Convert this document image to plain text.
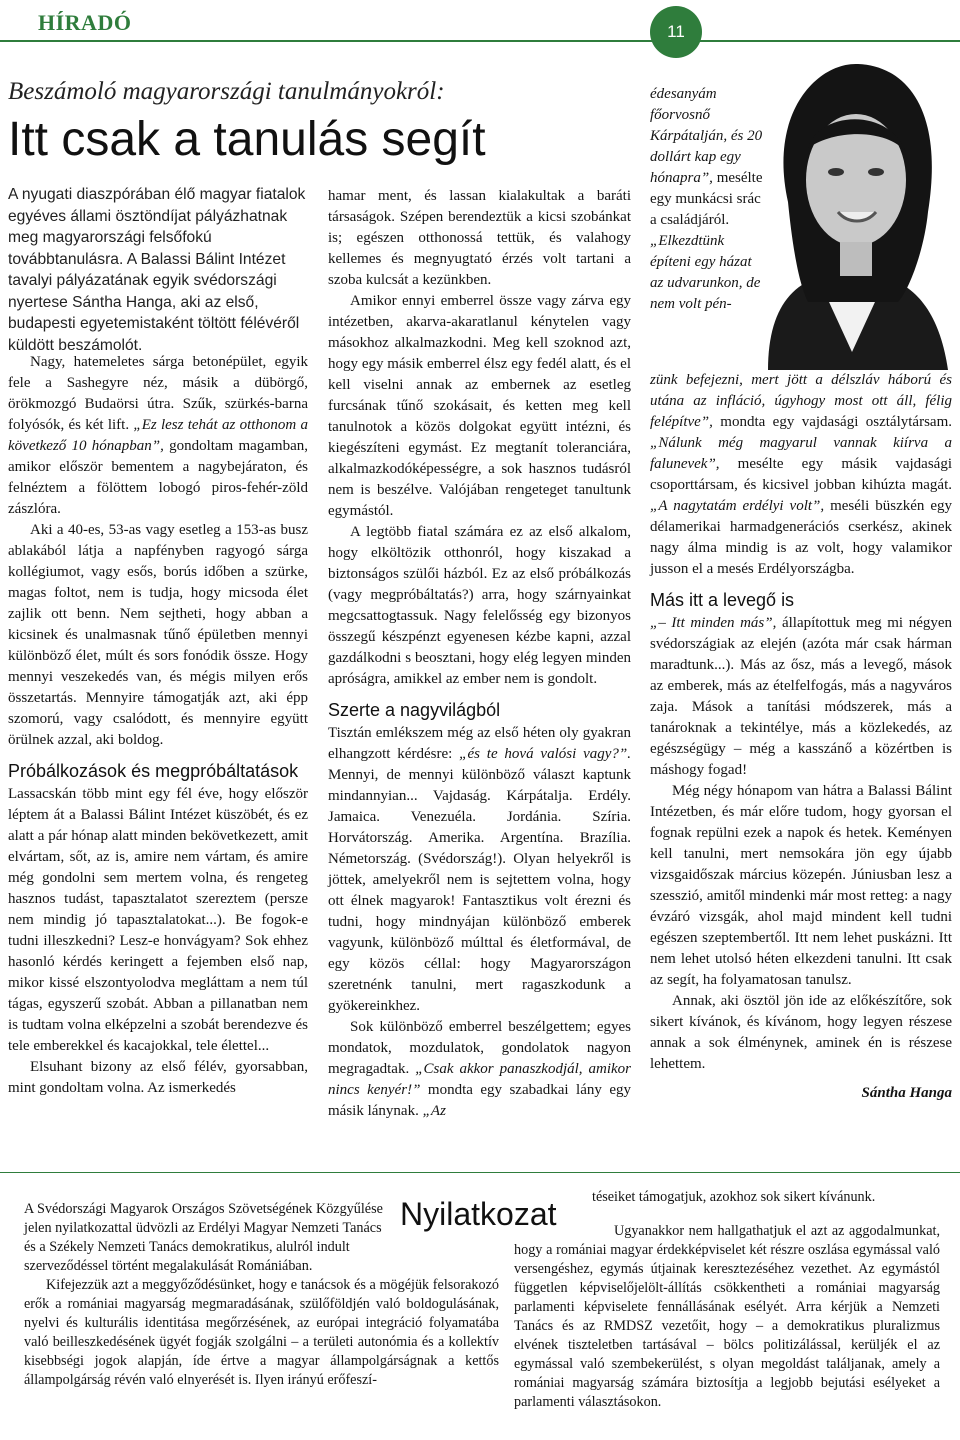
HÍRADÓ	11
Beszámoló magyarországi tanulmányokról:
Itt csak a tanulás segít
A nyugati diaszpórában élő magyar fiatalok egyéves állami ösztöndíjat pályázhatnak meg magyarországi felsőfokú továbbtanulásra. A Balassi Bálint Intézet tavalyi pályázatának egyik svédországi nyertese Sántha Hanga, aki az első, budapesti egyetemistaként töltött félévéről küldött beszámolót.

Nagy, hatemeletes sárga betonépület, egyik fele a Sashegyre néz, másik a dübörgő, örökmozgó Budaörsi útra. Szűk, szürkés-barna folyósók, és két lift. „Ez lesz tehát az otthonom a következő 10 hónapban”, gondoltam magamban, amikor először bementem a nagybejáraton, és felnéztem a fölöttem lobogó piros-fehér-zöld zászlóra.

Aki a 40-es, 53-as vagy esetleg a 153-as busz ablakából látja a napfényben ragyogó sárga kollégiumot, vagy esős, borús időben a szürke, magas foltot, nem is tudja, hogy micsoda élet zajlik ott benn. Nem sejtheti, hogy abban a kicsinek és unalmasnak tűnő épületben mennyi különböző élet, múlt és sors fonódik össze. Hogy mennyi veszekedés van, és mégis milyen erős összetartás. Mennyire támogatják azt, aki épp szomorú, vagy csalódott, és mennyire együtt örülnek azzal, aki boldog.

Próbálkozások és megpróbáltatások

Lassacskán több mint egy fél éve, hogy először léptem át a Balassi Bálint Intézet küszöbét, és ez alatt a pár hónap alatt minden bekövetkezett, amit elvártam, sőt, az is, amire nem vártam, és amire még gondolni sem mertem volna, és rengeteg hasznos tudást, tapasztalatot szereztem (persze nem mindig jó tapasztalatokat...). Be fogok-e tudni illeszkedni? Lesz-e honvágyam? Sok ehhez hasonló kérdés keringett a fejemben első nap, mikor kissé elszontyolodva megláttam a nem túl tágas, egyszerű szobát. Abban a pillanatban nem is tudtam volna elképzelni a szobát berendezve és tele emberekkel és kacajokkal, tele élettel...

Elsuhant bizony az első félév, gyorsabban, mint gondoltam volna. Az ismerkedés

hamar ment, és lassan kialakultak a baráti társaságok. Szépen berendeztük a kicsi szobánkat is; egészen otthonossá tettük, és valahogy kellemes és megnyugtató érzés volt tartani a szoba kulcsát a kezünkben.

Amikor ennyi emberrel össze vagy zárva egy intézetben, akarva-akaratlanul kénytelen vagy másokhoz alkalmazkodni. Meg kell szoknod azt, hogy egy másik emberrel élsz egy fedél alatt, és el kell viselni annak az embernek az esetleg furcsának tűnő szokásait, és ketten meg kell tanulnotok a közös dolgokat együtt intézni, és kiegészíteni egymást. Ez megtanít toleranciára, alkalmazkodóképességre, a sok hasznos tudásról nem is beszélve. Valójában rengeteget tanultunk egymástól.

A legtöbb fiatal számára ez az első alkalom, hogy elköltözik otthonról, hogy kiszakad a biztonságos szülői házból. Ez az első próbálkozás (vagy megpróbáltatás?) arra, hogy szárnyainkat megcsattogtassuk. Nagy felelősség egy bizonyos összegű készpénzt egyenesen kézbe kapni, azzal gazdálkodni s beosztani, hogy elég legyen minden apróságra, amikkel az ember nem is gondolt.

Szerte a nagyvilágból

Tisztán emlékszem még az első héten oly gyakran elhangzott kérdésre: „és te hová valósi vagy?”. Mennyi, de mennyi különböző választ kaptunk mindannyian... Vajdaság. Kárpátalja. Erdély. Jamaica. Venezuéla. Jordánia. Szíria. Horvátország. Amerika. Argentína. Brazília. Németország. (Svédország!). Olyan helyekről is jöttek, amelyekről nem is sejtettem volna, hogy ott élnek magyarok! Fantasztikus volt érezni és tudni, hogy mindnyájan különböző emberek vagyunk, különböző múlttal és életformával, de egy közös céllal: hogy Magyarországon szeretnénk tanulni, mert ragaszkodunk a gyökereinkhez.

Sok különböző emberrel beszélgettem; egyes mondatok, mozdulatok, gondolatok nagyon megragadtak. „Csak akkor panaszkodjál, amikor nincs kenyér!” mondta egy szabadkai lány egy másik lánynak. „Az

édesanyám főorvosnő Kárpátalján, és 20 dollárt kap egy hónapra”, mesélte egy munkácsi srác a családjáról. „Elkezdtünk építeni egy házat az udvarunkon, de nem volt pén-

zünk befejezni, mert jött a délszláv háború és utána az infláció, úgyhogy most ott áll, félig felépítve”, mondta egy vajdasági osztálytársam. „Nálunk még magyarul vannak kiírva a falunevek”, mesélte egy másik vajdasági csoporttársam, és kicsivel jobban kihúzta magát. „A nagytatám erdélyi volt”, meséli büszkén egy délamerikai harmadgenerációs cserkész, akinek nagy álma mindig is az volt, hogy valamikor jusson el a mesés Erdélyországba.

Más itt a levegő is

„– Itt minden más”, állapítottuk meg mi négyen svédországiak az elején (azóta már csak hárman maradtunk...). Más az ősz, más a levegő, mások az emberek, más az ételfelfogás, más a nagyváros zaja. Mások a tanítási módszerek, más a tanároknak a tekintélye, más a közlekedés, az egészségügy – még a kasszánő a közértben is máshogy fogad!

Még négy hónapom van hátra a Balassi Bálint Intézetben, és már előre tudom, hogy gyorsan el fognak repülni ezek a napok és hetek. Keményen kell tanulni, mert nemsokára jön egy újabb vizsgaidőszak március közepén. Júniusban lesz a szesszió, amitől mindenki már most retteg: a nagy évzáró vizsgák, ahol majd mindent kell tudni egészen szeptembertől. Itt nem lehet puskázni. Itt nem lehet utolsó héten elkezdeni tanulni. Itt csak az segít, ha folyamatosan tanulsz.

Annak, aki ösztöl jön ide az előkészítőre, sok sikert kívánok, és kívánom, hogy legyen részese annak a sok élménynek, aminek én is részese lehettem.

Sántha Hanga
Nyilatkozat

A Svédországi Magyarok Országos Szövetségének Közgyűlése jelen nyilatkozattal üdvözli az Erdélyi Magyar Nemzeti Tanács és a Székely Nemzeti Tanács demokratikus, alulról indult szerveződéssel történt megalakulását Romániában.

Kifejezzük azt a meggyőződésünket, hogy e tanácsok és a mögéjük felsorakozó erők a romániai magyarság megmaradásának, szülőföldjén való boldogulásának, nyelvi és kulturális identitása megőrzésének, az európai integráció folyamatába való beilleszkedésének ügyét fogják szolgálni – a területi autonómia és a kollektív kisebbségi jogok alapján, íde értve a magyar állampolgárságnak a kettős állampolgárság révén való elnyerését is. Ilyen irányú erőfeszí-

téseiket támogatjuk, azokhoz sok sikert kívánunk.

Ugyanakkor nem hallgathatjuk el azt az aggodalmunkat, hogy a romániai magyar érdekképviselet két részre oszlása egymással való versengéshez, egymás útjainak keresztezéséhez vezethet. Az egymástól független képviselőjelölt-állítás csökkentheti a romániai magyarság parlamenti képviselete fennállásának esélyét. Arra kérjük a Nemzeti Tanács és az RMDSZ vezetőit, hogy – a demokratikus pluralizmus elvének tiszteletben tartásával – bölcs politizálással, kerüljék el az egymással való szembekerülést, s olyan megoldást találjanak, amely a romániai magyarság számára biztosítja a legjobb bejutási esélyeket a parlamenti választásokon.
